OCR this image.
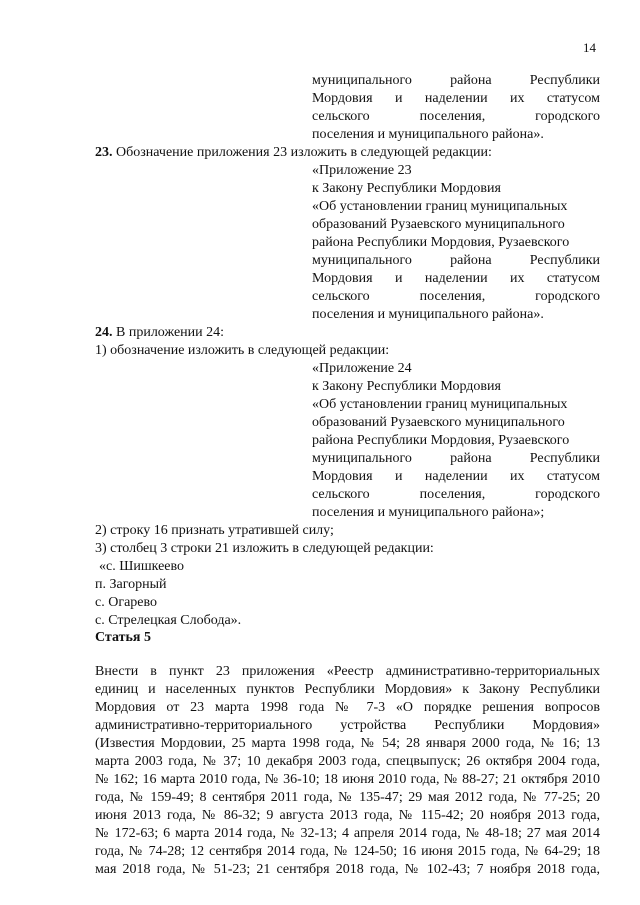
14
муниципального района Республики
Мордовия и наделении их статусом
сельского поселения, городского
поселения и муниципального района».
23. Обозначение приложения 23 изложить в следующей редакции:
«Приложение 23
к Закону Республики Мордовия
«Об установлении границ муниципальных
образований Рузаевского муниципального
района Республики Мордовия, Рузаевского
муниципального района Республики
Мордовия и наделении их статусом
сельского поселения, городского
поселения и муниципального района».
24. В приложении 24:
1) обозначение изложить в следующей редакции:
«Приложение 24
к Закону Республики Мордовия
«Об установлении границ муниципальных
образований Рузаевского муниципального
района Республики Мордовия, Рузаевского
муниципального района Республики
Мордовия и наделении их статусом
сельского поселения, городского
поселения и муниципального района»;
2) строку 16 признать утратившей силу;
3) столбец 3 строки 21 изложить в следующей редакции:
«с. Шишкеево
п. Загорный
с. Огарево
с. Стрелецкая Слобода».
Статья 5
Внести в пункт 23 приложения «Реестр административно-территориальных
единиц и населенных пунктов Республики Мордовия» к Закону Республики
Мордовия от 23 марта 1998 года № 7-3 «О порядке решения вопросов
административно-территориального устройства Республики Мордовия»
(Известия Мордовии, 25 марта 1998 года, № 54; 28 января 2000 года, № 16; 13
марта 2003 года, № 37; 10 декабря 2003 года, спецвыпуск; 26 октября 2004 года,
№ 162; 16 марта 2010 года, № 36-10; 18 июня 2010 года, № 88-27; 21 октября 2010
года, № 159-49; 8 сентября 2011 года, № 135-47; 29 мая 2012 года, № 77-25; 20
июня 2013 года, № 86-32; 9 августа 2013 года, № 115-42; 20 ноября 2013 года,
№ 172-63; 6 марта 2014 года, № 32-13; 4 апреля 2014 года, № 48-18; 27 мая 2014
года, № 74-28; 12 сентября 2014 года, № 124-50; 16 июня 2015 года, № 64-29; 18
мая 2018 года, № 51-23; 21 сентября 2018 года, № 102-43; 7 ноября 2018 года,
